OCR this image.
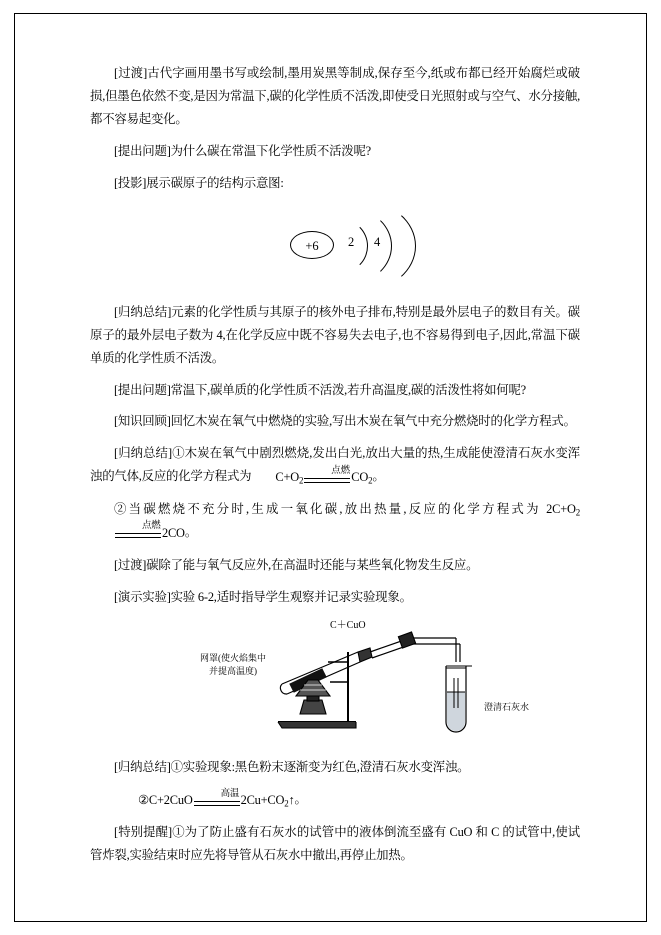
[过渡]古代字画用墨书写或绘制,墨用炭黑等制成,保存至今,纸或布都已经开始腐烂或破损,但墨色依然不变,是因为常温下,碳的化学性质不活泼,即使受日光照射或与空气、水分接触,都不容易起变化。

[提出问题]为什么碳在常温下化学性质不活泼呢?

[投影]展示碳原子的结构示意图:

+6	2 4

[归纳总结]元素的化学性质与其原子的核外电子排布,特别是最外层电子的数目有关。碳原子的最外层电子数为 4,在化学反应中既不容易失去电子,也不容易得到电子,因此,常温下碳单质的化学性质不活泼。

[提出问题]常温下,碳单质的化学性质不活泼,若升高温度,碳的活泼性将如何呢?

[知识回顾]回忆木炭在氧气中燃烧的实验,写出木炭在氧气中充分燃烧时的化学方程式。

[归纳总结]①木炭在氧气中剧烈燃烧,发出白光,放出大量的热,生成能使澄清石灰水变浑浊的气体,反应的化学方程式为 $C+O_2$
点燃 $CO_2$。

②当碳燃烧不充分时,生成一氧化碳,放出热量,反应的化学方程式为 $2C+O_2$
点燃 2CO。

[过渡]碳除了能与氧气反应外,在高温时还能与某些氧化物发生反应。

[演示实验]实验 6-2,适时指导学生观察并记录实验现象。

C＋CuO
网罩(使火焰集中并提高温度)
澄清石灰水

[归纳总结]①实验现象:黑色粉末逐渐变为红色,澄清石灰水变浑浊。

②C+2CuO	高温 $2Cu+CO_2↑$。

[特别提醒]①为了防止盛有石灰水的试管中的液体倒流至盛有 CuO 和 C 的试管中,使试管炸裂,实验结束时应先将导管从石灰水中撤出,再停止加热。
